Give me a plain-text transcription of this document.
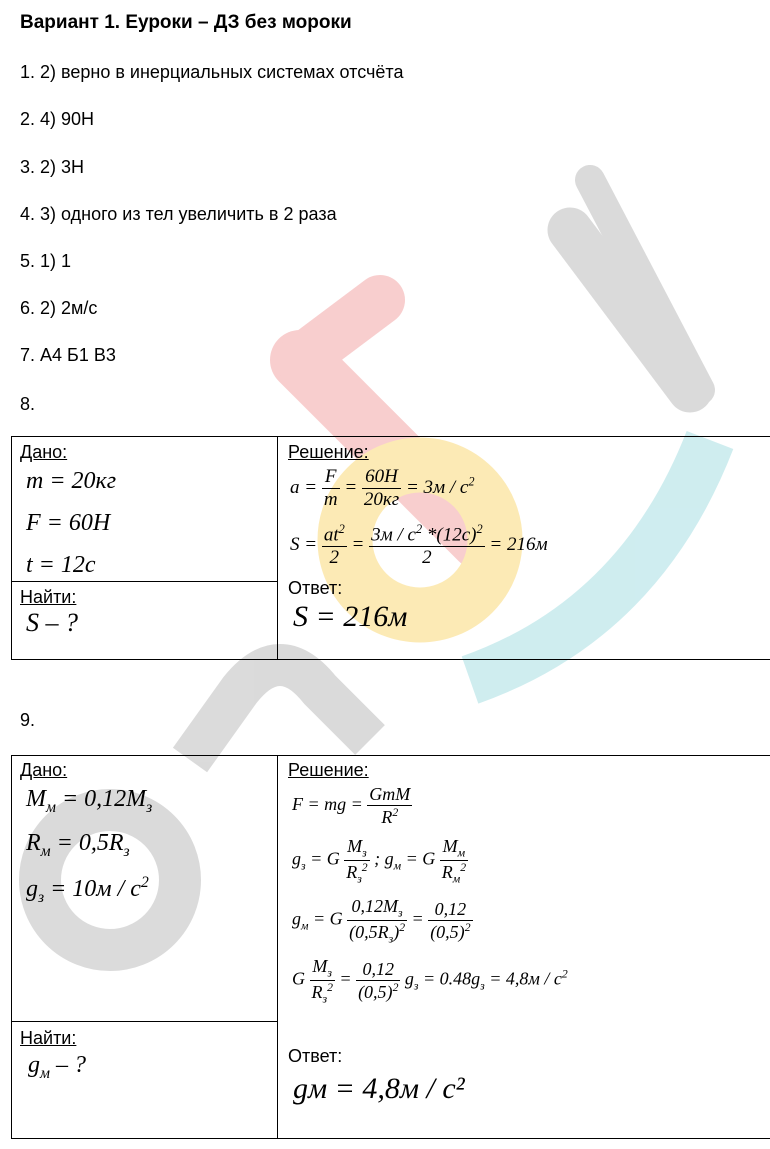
Вариант 1. Еуроки – ДЗ без мороки
1. 2) верно в инерциальных системах отсчёта
2. 4) 90Н
3. 2) 3Н
4. 3) одного из тел увеличить в 2 раза
5. 1) 1
6. 2) 2м/с
7. А4 Б1 В3
8.
Дано:
m = 20кг
F = 60H
t = 12c
Найти:
S – ?
Решение:
$a = \frac{F}{m} = \frac{60H}{20кг} = 3м / c^2$
$S = \frac{at^2}{2} = \frac{3м / c^2 *(12c)^2}{2} = 216м$
Ответ:
S = 216м
9.
Дано:
$M_м = 0,12M_з$
$R_м = 0,5R_з$
$g_з = 10м / c^2$
Найти:
$g_м$ – ?
Решение:
F = mg = $\frac{\text{GmM}}{R^2}$
$g_з = G \frac{M_з}{R_з^2}$ ; $g_м = G \frac{M_м}{R_м^2}$
$g_м = G \frac{0,12M_з}{(0,5R_з)^2} = \frac{0,12}{(0,5)^2}$
G $\frac{M_з}{R_з^2} = \frac{0,12}{(0,5)^2} g_з = 0.48g_з = 4,8м / c^2$
Ответ:
gм = 4,8м / c²
